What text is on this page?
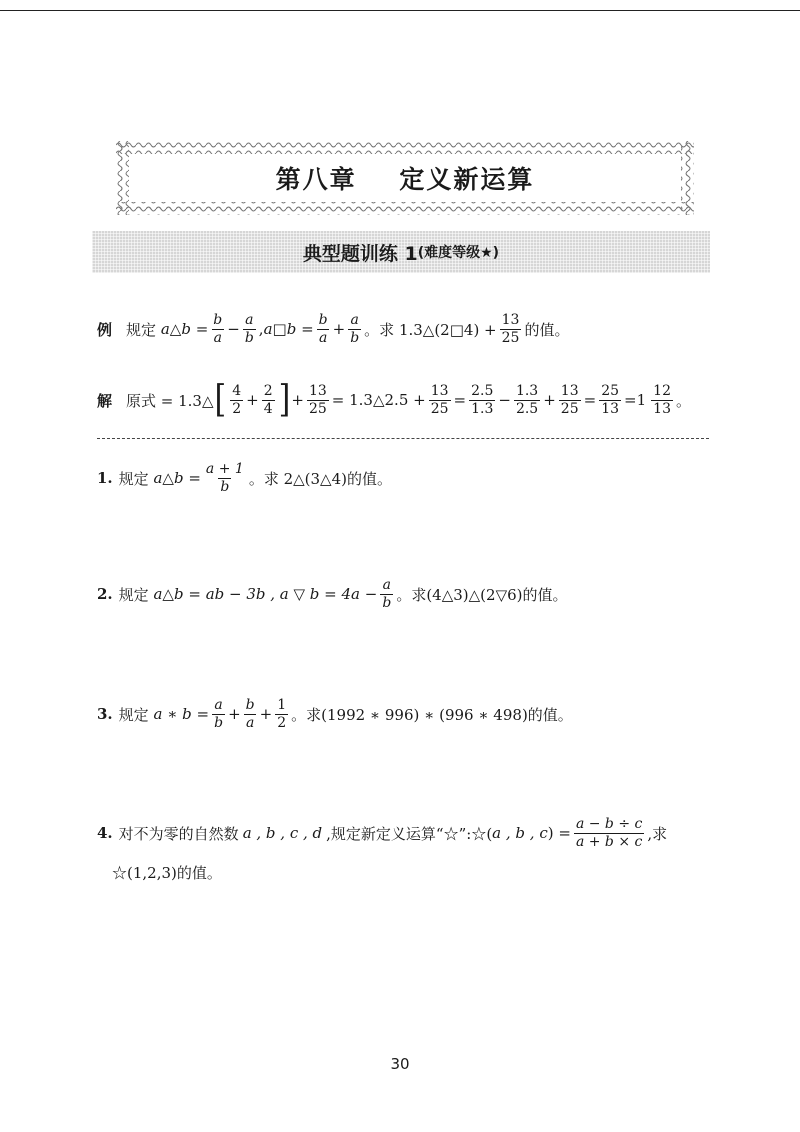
第八章    定义新运算
典型题训练 1 (难度等级★)
例 规定 a△b = $\frac{b}{a} - \frac{a}{b}$ , a□b = $\frac{b}{a} + \frac{a}{b}$ 。求 1.3△(2□4) + $\frac{13}{25}$ 的值。
解 原式 = 1.3△ [ $\frac{4}{2} + \frac{2}{4}$ ] + $\frac{13}{25}$ = 1.3△2.5 + $\frac{13}{25} = \frac{2.5}{1.3} - \frac{1.3}{2.5} + \frac{13}{25} = \frac{25}{13} = 1 \frac{12}{13}$ 。
1. 规定 a△b = $\frac{a + 1}{b}$ 。求 2△(3△4)的值。
2. 规定 a△b = ab − 3b , a ▽ $b = 4a - \frac{a}{b}$ 。求(4△3)△(2▽6)的值。
3. 规定 a ∗ $b = \frac{a}{b} + \frac{b}{a} + \frac{1}{2}$ 。求(1992 ∗ 996) ∗ (996 ∗ 498)的值。
4. 对不为零的自然数 a , b , c , d ,规定新定义运算“☆”:☆( a , b , c ) = $\frac{a - b \div c}{a + b \times c}$ ,求
☆(1,2,3)的值。
30
